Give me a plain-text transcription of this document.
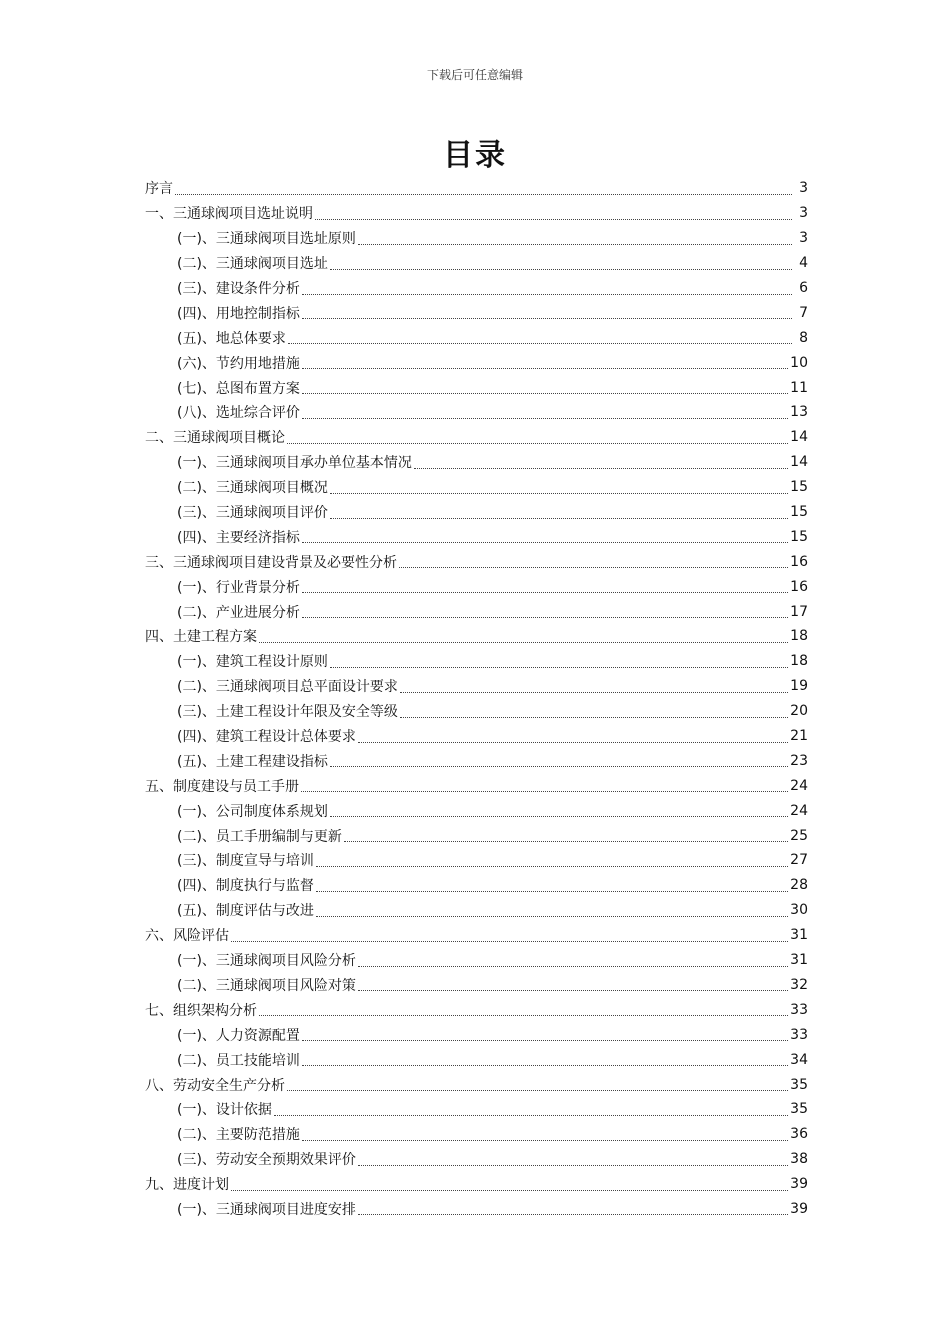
下载后可任意编辑
目录
序言	3
一、三通球阀项目选址说明	3
(一)、三通球阀项目选址原则	3
(二)、三通球阀项目选址	4
(三)、建设条件分析	6
(四)、用地控制指标	7
(五)、地总体要求	8
(六)、节约用地措施	10
(七)、总图布置方案	11
(八)、选址综合评价	13
二、三通球阀项目概论	14
(一)、三通球阀项目承办单位基本情况	14
(二)、三通球阀项目概况	15
(三)、三通球阀项目评价	15
(四)、主要经济指标	15
三、三通球阀项目建设背景及必要性分析	16
(一)、行业背景分析	16
(二)、产业进展分析	17
四、土建工程方案	18
(一)、建筑工程设计原则	18
(二)、三通球阀项目总平面设计要求	19
(三)、土建工程设计年限及安全等级	20
(四)、建筑工程设计总体要求	21
(五)、土建工程建设指标	23
五、制度建设与员工手册	24
(一)、公司制度体系规划	24
(二)、员工手册编制与更新	25
(三)、制度宣导与培训	27
(四)、制度执行与监督	28
(五)、制度评估与改进	30
六、风险评估	31
(一)、三通球阀项目风险分析	31
(二)、三通球阀项目风险对策	32
七、组织架构分析	33
(一)、人力资源配置	33
(二)、员工技能培训	34
八、劳动安全生产分析	35
(一)、设计依据	35
(二)、主要防范措施	36
(三)、劳动安全预期效果评价	38
九、进度计划	39
(一)、三通球阀项目进度安排	39
